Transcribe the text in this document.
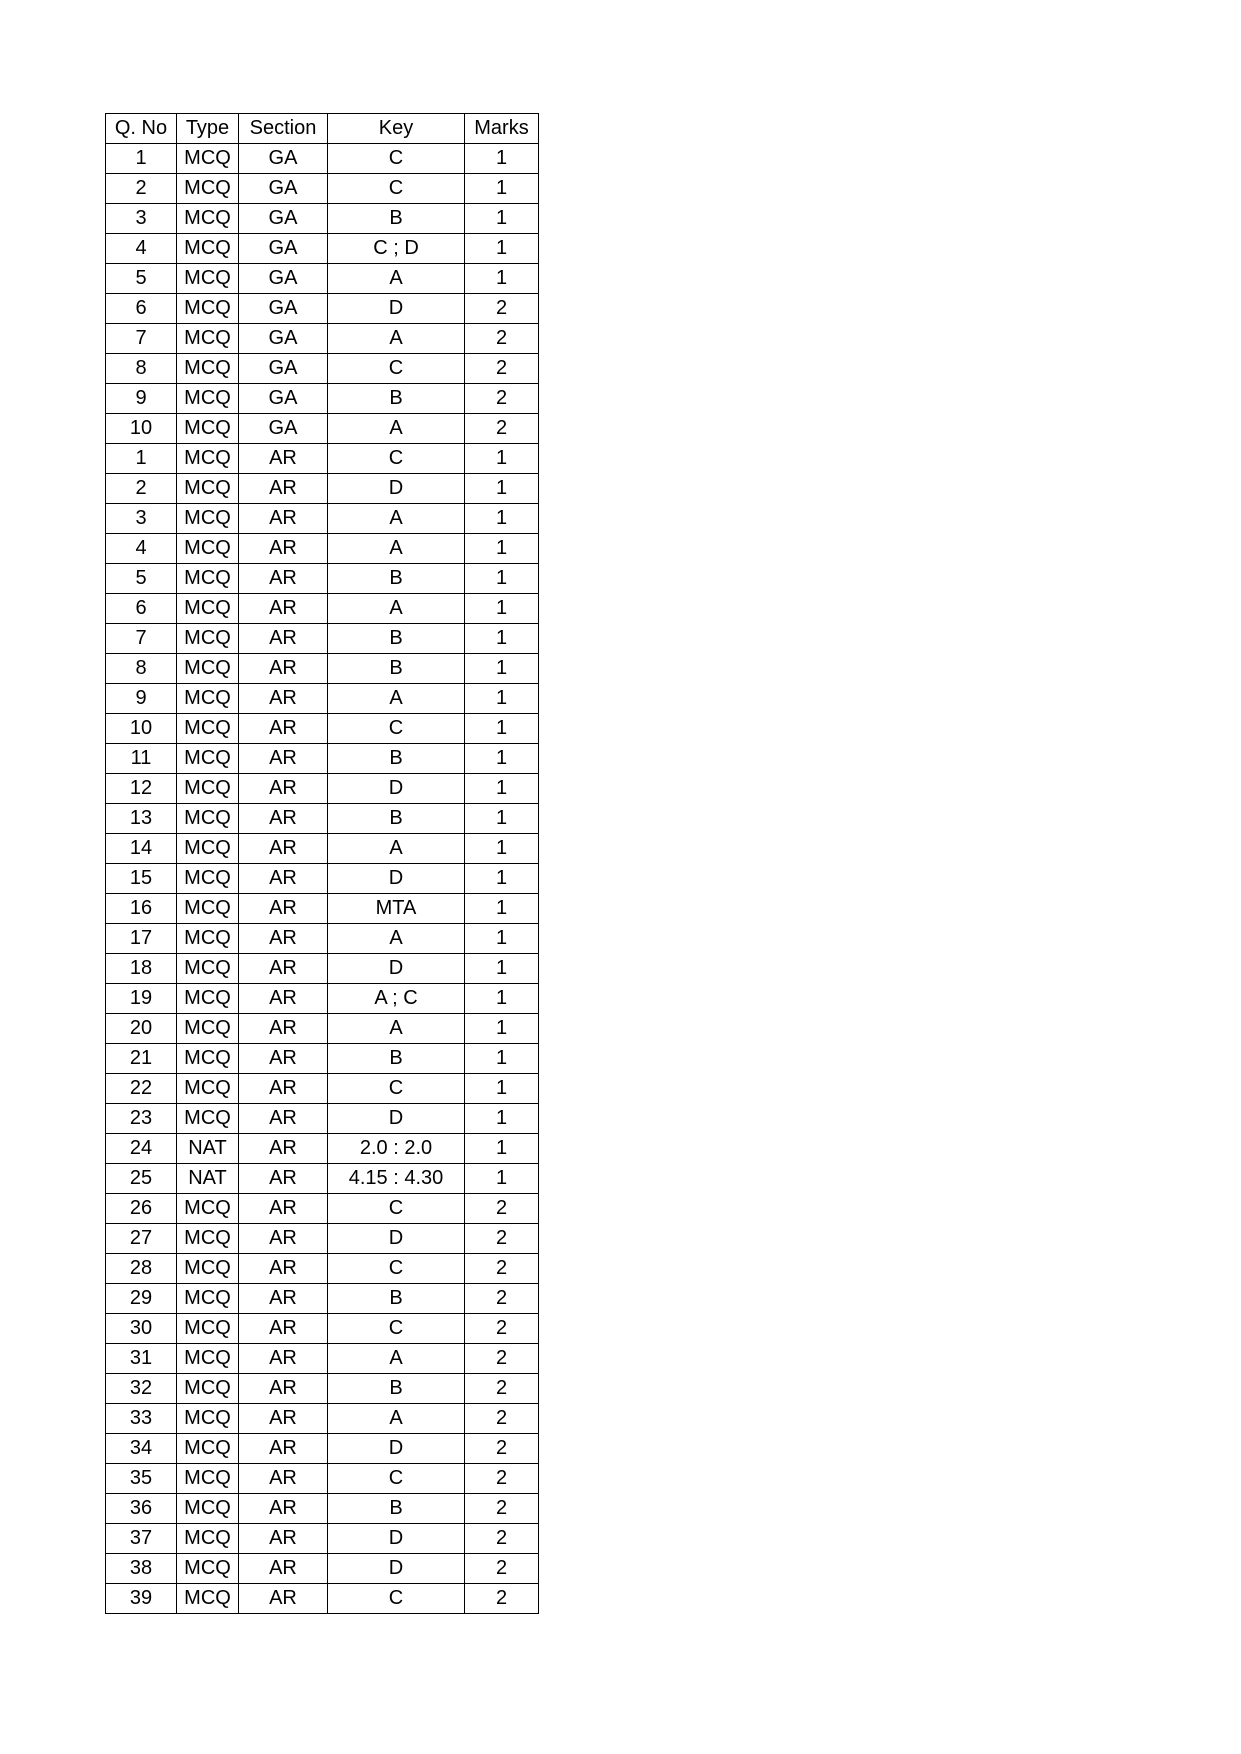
Q. No	Type	Section	Key	Marks
1	MCQ	GA	C	1
2	MCQ	GA	C	1
3	MCQ	GA	B	1
4	MCQ	GA	C ; D	1
5	MCQ	GA	A	1
6	MCQ	GA	D	2
7	MCQ	GA	A	2
8	MCQ	GA	C	2
9	MCQ	GA	B	2
10	MCQ	GA	A	2
1	MCQ	AR	C	1
2	MCQ	AR	D	1
3	MCQ	AR	A	1
4	MCQ	AR	A	1
5	MCQ	AR	B	1
6	MCQ	AR	A	1
7	MCQ	AR	B	1
8	MCQ	AR	B	1
9	MCQ	AR	A	1
10	MCQ	AR	C	1
11	MCQ	AR	B	1
12	MCQ	AR	D	1
13	MCQ	AR	B	1
14	MCQ	AR	A	1
15	MCQ	AR	D	1
16	MCQ	AR	MTA	1
17	MCQ	AR	A	1
18	MCQ	AR	D	1
19	MCQ	AR	A ; C	1
20	MCQ	AR	A	1
21	MCQ	AR	B	1
22	MCQ	AR	C	1
23	MCQ	AR	D	1
24	NAT	AR	2.0 : 2.0	1
25	NAT	AR	4.15 : 4.30	1
26	MCQ	AR	C	2
27	MCQ	AR	D	2
28	MCQ	AR	C	2
29	MCQ	AR	B	2
30	MCQ	AR	C	2
31	MCQ	AR	A	2
32	MCQ	AR	B	2
33	MCQ	AR	A	2
34	MCQ	AR	D	2
35	MCQ	AR	C	2
36	MCQ	AR	B	2
37	MCQ	AR	D	2
38	MCQ	AR	D	2
39	MCQ	AR	C	2
